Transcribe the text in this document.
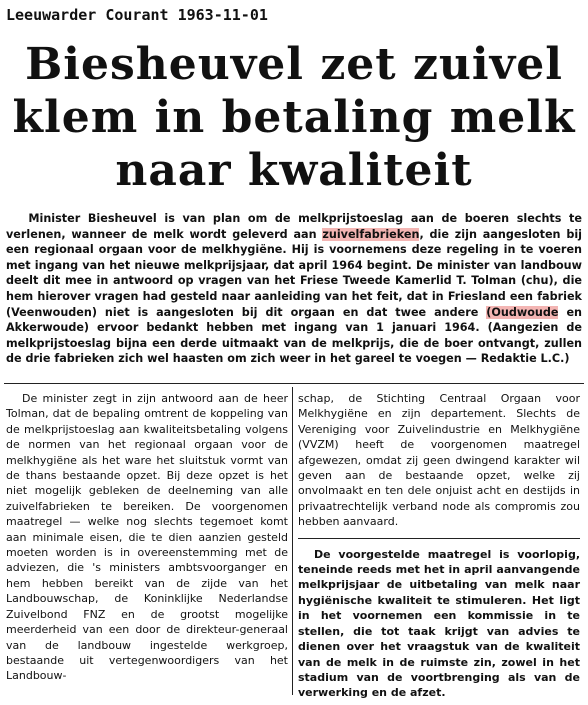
Leeuwarder Courant 1963-11-01
Biesheuvel zet zuivel
klem in betaling melk
naar kwaliteit

  Minister Biesheuvel is van plan om de melkprijstoeslag aan de boeren slechts te verlenen, wanneer de melk wordt geleverd aan zuivelfabrieken, die zijn aangesloten bij een regionaal orgaan voor de melkhygiëne. Hij is voornemens deze regeling in te voeren met ingang van het nieuwe melkprijsjaar, dat april 1964 begint. De minister van landbouw deelt dit mee in antwoord op vragen van het Friese Tweede Kamerlid T. Tolman (chu), die hem hierover vragen had gesteld naar aanleiding van het feit, dat in Friesland een fabriek (Veenwouden) niet is aangesloten bij dit orgaan en dat twee andere (Oudwoude en Akkerwoude) ervoor bedankt hebben met ingang van 1 januari 1964. (Aangezien de melkprijstoeslag bijna een derde uitmaakt van de melkprijs, die de boer ontvangt, zullen de drie fabrieken zich wel haasten om zich weer in het gareel te voegen — Redaktie L.C.)

De minister zegt in zijn antwoord aan de heer Tolman, dat de bepaling omtrent de koppeling van de melkprijstoeslag aan kwaliteitsbetaling volgens de normen van het regionaal orgaan voor de melkhygiëne als het ware het sluitstuk vormt van de thans bestaande opzet. Bij deze opzet is het niet mogelijk gebleken de deelneming van alle zuivelfabrieken te bereiken. De voorgenomen maatregel — welke nog slechts tegemoet komt aan minimale eisen, die te dien aanzien gesteld moeten worden is in overeenstemming met de adviezen, die 's ministers ambtsvoorganger en hem hebben bereikt van de zijde van het Landbouwschap, de Koninklijke Nederlandse Zuivelbond FNZ en de grootst mogelijke meerderheid van een door de direkteur-generaal van de landbouw ingestelde werkgroep, bestaande uit vertegenwoordigers van het Landbouw-

schap, de Stichting Centraal Orgaan voor Melkhygiëne en zijn departement. Slechts de Vereniging voor Zuivelindustrie en Melkhygiëne (VVZM) heeft de voorgenomen maatregel afgewezen, omdat zij geen dwingend karakter wil geven aan de bestaande opzet, welke zij onvolmaakt en ten dele onjuist acht en destijds in privaatrechtelijk verband node als compromis zou hebben aanvaard.

De voorgestelde maatregel is voorlopig, teneinde reeds met het in april aanvangende melkprijsjaar de uitbetaling van melk naar hygiënische kwaliteit te stimuleren. Het ligt in het voornemen een kommissie in te stellen, die tot taak krijgt van advies te dienen over het vraagstuk van de kwaliteit van de melk in de ruimste zin, zowel in het stadium van de voortbrenging als van de verwerking en de afzet.
